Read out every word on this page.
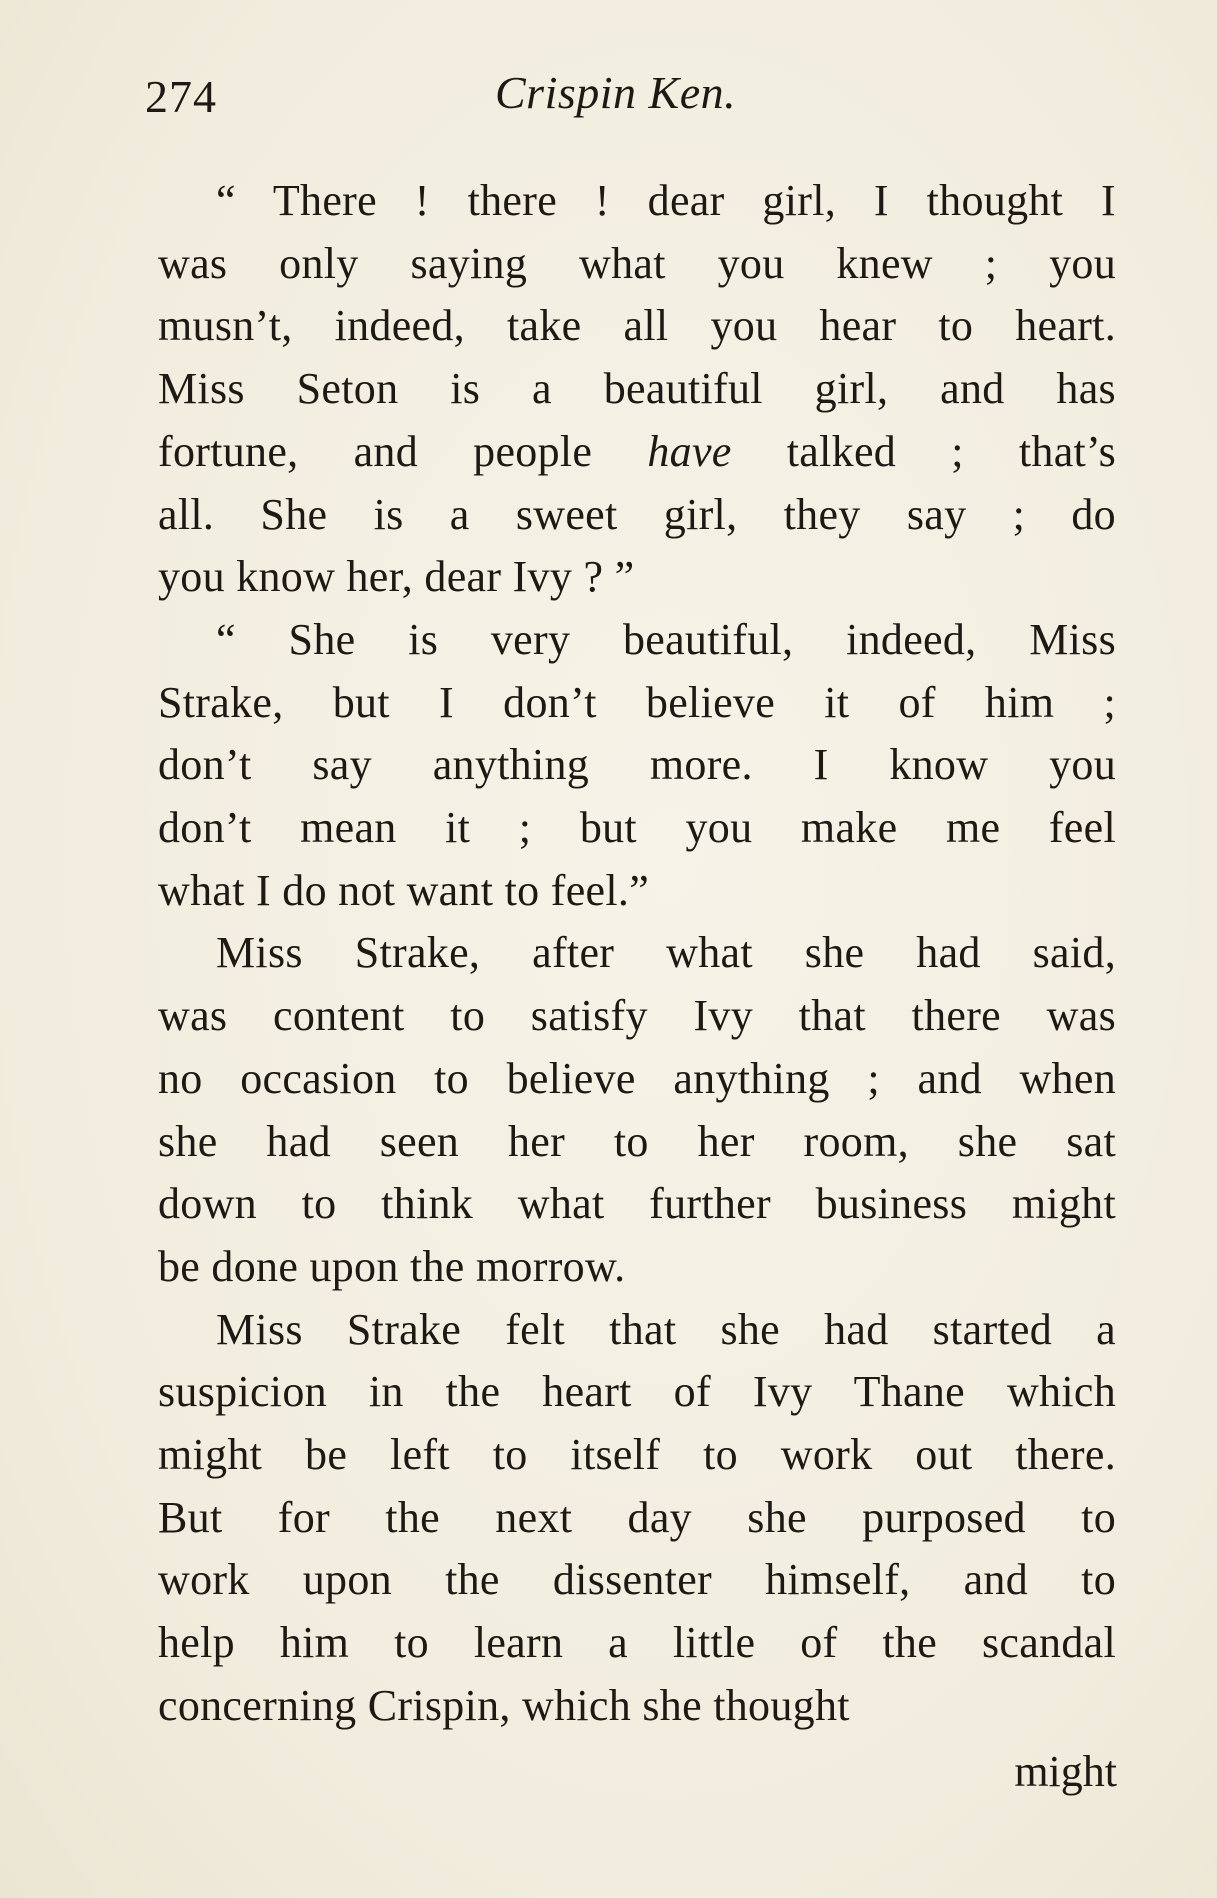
274	Crispin Ken.

“ There ! there ! dear girl, I thought I
was only saying what you knew ; you
musn’t, indeed, take all you hear to heart.
Miss Seton is a beautiful girl, and has
fortune, and people have talked ; that’s
all. She is a sweet girl, they say ; do
you know her, dear Ivy ? ”

“ She is very beautiful, indeed, Miss
Strake, but I don’t believe it of him ;
don’t say anything more. I know you
don’t mean it ; but you make me feel
what I do not want to feel.”

Miss Strake, after what she had said,
was content to satisfy Ivy that there was
no occasion to believe anything ; and when
she had seen her to her room, she sat
down to think what further business might
be done upon the morrow.

Miss Strake felt that she had started a
suspicion in the heart of Ivy Thane which
might be left to itself to work out there.
But for the next day she purposed to
work upon the dissenter himself, and to
help him to learn a little of the scandal
concerning Crispin, which she thought

might
